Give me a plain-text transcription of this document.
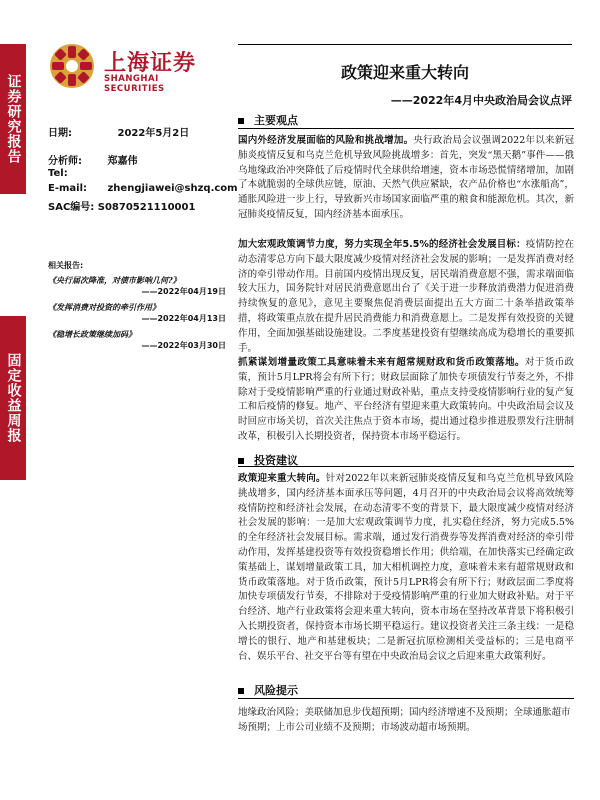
证券研究报告
固定收益周报
上海证券
SHANGHAI SECURITIES
政策迎来重大转向
——2022年4月中央政治局会议点评
日期:	2022年5月2日
分析师:	郑嘉伟
Tel:
E-mail: zhengjiawei@shzq.com
SAC编号: S0870521110001
相关报告:
《央行届次降准，对债市影响几何?》
——2022年04月19日
《发挥消费对投资的牵引作用》
——2022年04月13日
《稳增长政策继续加码》
——2022年03月30日
主要观点
国内外经济发展面临的风险和挑战增加。央行政治局会议强调2022年以来新冠肺炎疫情反复和乌克兰危机导致风险挑战增多：首先，突发“黑天鹅”事件——俄乌地缘政治冲突降低了后疫情时代全球供给增速，资本市场恐慌情绪增加，加剧了本就脆弱的全球供应链，原油、天然气供应紧缺，农产品价格也“水涨船高”，通胀风险进一步上行，导致新兴市场国家面临严重的粮食和能源危机。其次，新冠肺炎疫情反复，国内经济基本面承压。
加大宏观政策调节力度，努力实现全年5.5%的经济社会发展目标：疫情防控在动态清零总方向下最大限度减少疫情对经济社会发展的影响；一是发挥消费对经济的牵引带动作用。目前国内疫情出现反复，居民端消费意愿不强，需求端面临较大压力，国务院针对居民消费意愿出台了《关于进一步释放消费潜力促进消费持续恢复的意见》，意见主要聚焦促消费层面提出五大方面二十条举措政策举措，将政策重点放在提升居民消费能力和消费意愿上。二是发挥有效投资的关键作用，全面加强基础设施建设。二季度基建投资有望继续高成为稳增长的重要抓手。
抓紧谋划增量政策工具意味着未来有超常规财政和货币政策落地。对于货币政策，预计5月LPR将会有所下行；财政层面除了加快专项债发行节奏之外，不排除对于受疫情影响严重的行业通过财政补贴，重点支持受疫情影响行业的复产复工和后疫情的修复。地产、平台经济有望迎来重大政策转向。中央政治局会议及时回应市场关切，首次关注焦点于资本市场，提出通过稳步推进股票发行注册制改革，积极引入长期投资者，保持资本市场平稳运行。
投资建议
政策迎来重大转向。针对2022年以来新冠肺炎疫情反复和乌克兰危机导致风险挑战增多，国内经济基本面承压等问题，4月召开的中央政治局会议将高效统筹疫情防控和经济社会发展，在动态清零不变的背景下，最大限度减少疫情对经济社会发展的影响：一是加大宏观政策调节力度，扎实稳住经济，努力完成5.5%的全年经济社会发展目标。需求端，通过发行消费券等发挥消费对经济的牵引带动作用，发挥基建投资等有效投资稳增长作用；供给端，在加快落实已经确定政策基础上，谋划增量政策工具，加大相机调控力度，意味着未来有超常规财政和货币政策落地。对于货币政策，预计5月LPR将会有所下行；财政层面二季度将加快专项债发行节奏，不排除对于受疫情影响严重的行业加大财政补贴。对于平台经济、地产行业政策将会迎来重大转向，资本市场在坚持改革背景下将积极引入长期投资者，保持资本市场长期平稳运行。建议投资者关注三条主线：一是稳增长的银行、地产和基建板块；二是新冠抗原检测相关受益标的；三是电商平台、娱乐平台、社交平台等有望在中央政治局会议之后迎来重大政策利好。
风险提示
地缘政治风险；美联储加息步伐超预期；国内经济增速不及预期；全球通胀超市场预期；上市公司业绩不及预期；市场波动超市场预期。
